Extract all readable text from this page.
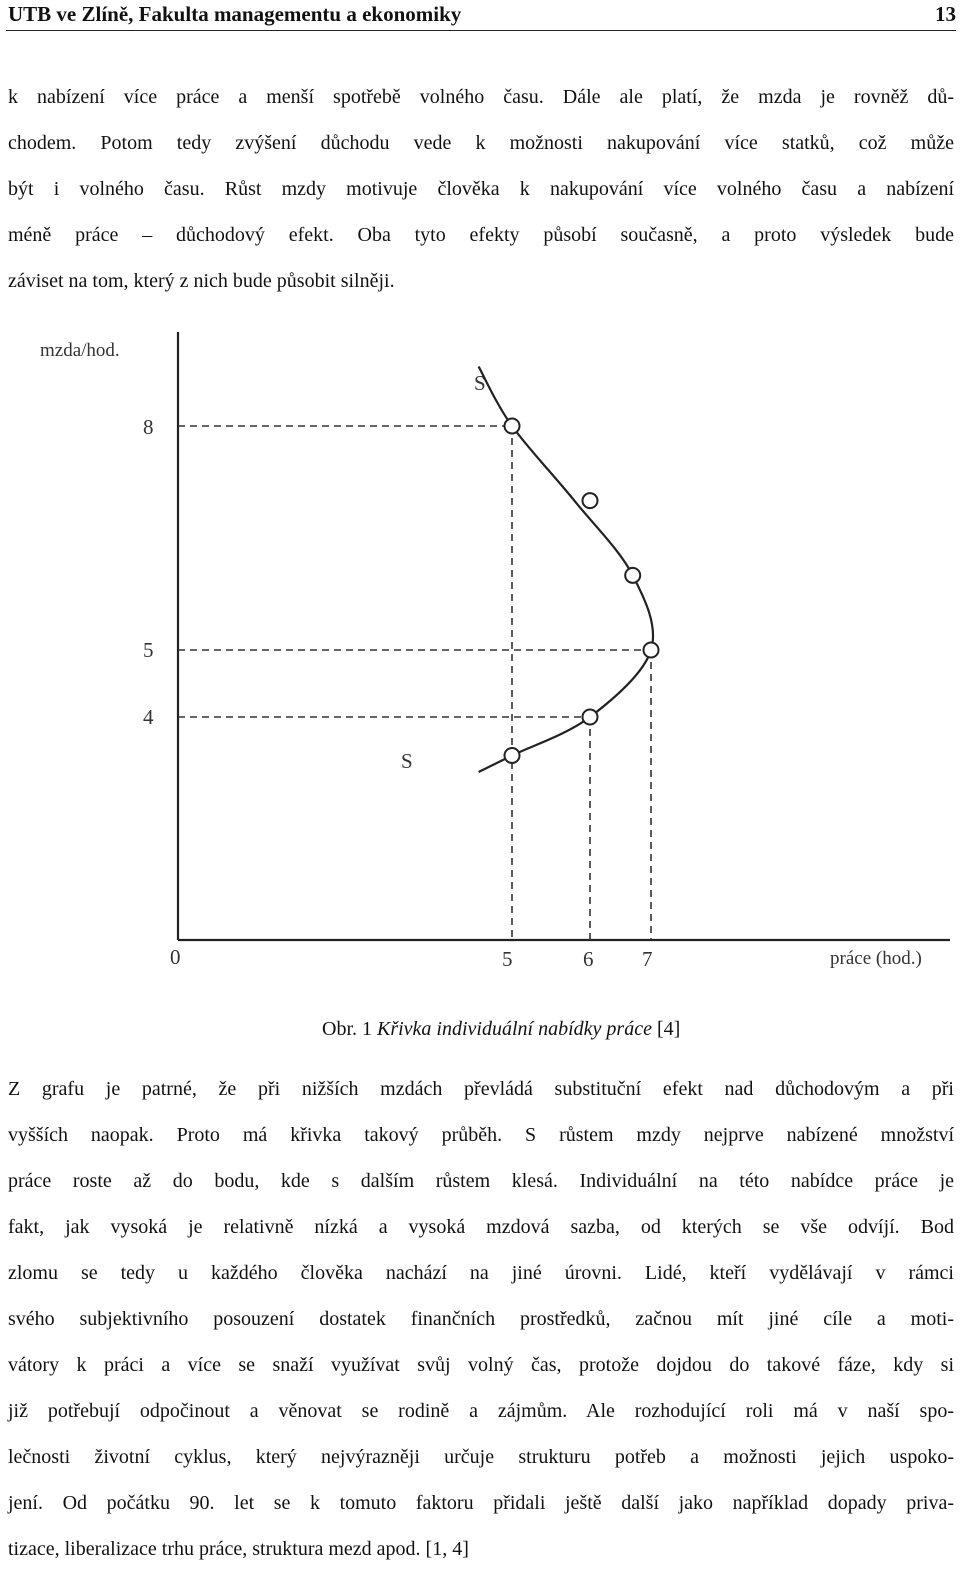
UTB ve Zlíně, Fakulta managementu a ekonomiky	13

k nabízení více práce a menší spotřebě volného času. Dále ale platí, že mzda je rovněž dů-
chodem. Potom tedy zvýšení důchodu vede k možnosti nakupování více statků, což může
být i volného času. Růst mzdy motivuje člověka k nakupování více volného času a nabízení
méně práce – důchodový efekt. Oba tyto efekty působí současně, a proto výsledek bude
záviset na tom, který z nich bude působit silněji.

mzda/hod.
práce (hod.)
0
8
5
4
5	6 7
S
S
Obr. 1 Křivka individuální nabídky práce [4]

Z grafu je patrné, že při nižších mzdách převládá substituční efekt nad důchodovým a při
vyšších naopak. Proto má křivka takový průběh. S růstem mzdy nejprve nabízené množství
práce roste až do bodu, kde s dalším růstem klesá. Individuální na této nabídce práce je
fakt, jak vysoká je relativně nízká a vysoká mzdová sazba, od kterých se vše odvíjí. Bod
zlomu se tedy u každého člověka nachází na jiné úrovni. Lidé, kteří vydělávají v rámci
svého subjektivního posouzení dostatek finančních prostředků, začnou mít jiné cíle a moti-
vátory k práci a více se snaží využívat svůj volný čas, protože dojdou do takové fáze, kdy si
již potřebují odpočinout a věnovat se rodině a zájmům. Ale rozhodující roli má v naší spo-
lečnosti životní cyklus, který nejvýrazněji určuje strukturu potřeb a možnosti jejich uspoko-
jení. Od počátku 90. let se k tomuto faktoru přidali ještě další jako například dopady priva-
tizace, liberalizace trhu práce, struktura mezd apod. [1, 4]
